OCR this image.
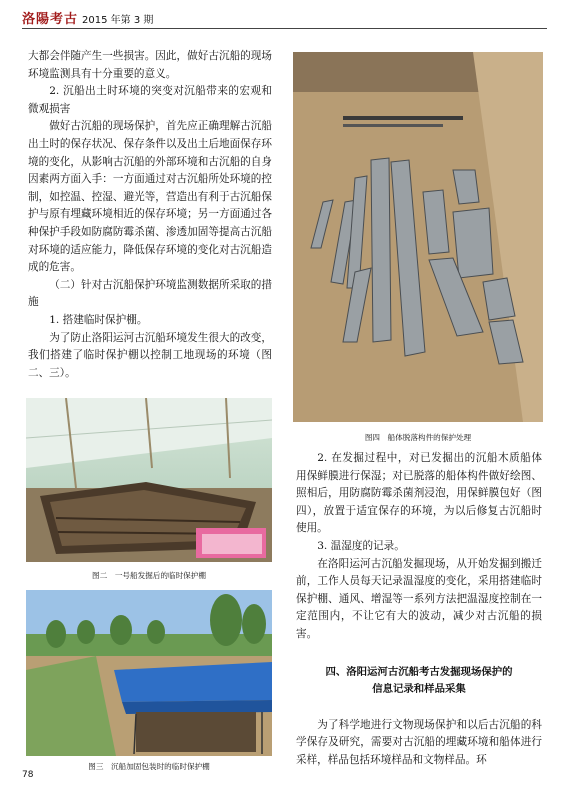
洛陽考古 2015 年第 3 期

大都会伴随产生一些损害。因此，做好古沉船的现场环境监测具有十分重要的意义。

2. 沉船出土时环境的突变对沉船带来的宏观和微观损害

做好古沉船的现场保护，首先应正确理解古沉船出土时的保存状况、保存条件以及出土后地面保存环境的变化，从影响古沉船的外部环境和古沉船的自身因素两方面入手：一方面通过对古沉船所处环境的控制，如控温、控湿、避光等，营造出有利于古沉船保护与原有埋藏环境相近的保存环境；另一方面通过各种保护手段如防腐防霉杀菌、渗透加固等提高古沉船对环境的适应能力，降低保存环境的变化对古沉船造成的危害。

（二）针对古沉船保护环境监测数据所采取的措施

1. 搭建临时保护棚。

为了防止洛阳运河古沉船环境发生很大的改变，我们搭建了临时保护棚以控制工地现场的环境（图二、三）。

图二　一号船发掘后的临时保护棚
图三　沉船加固包装时的临时保护棚
图四　船体脱落构件的保护处理

2. 在发掘过程中，对已发掘出的沉船木质船体用保鲜膜进行保湿；对已脱落的船体构件做好绘图、照相后，用防腐防霉杀菌剂浸泡，用保鲜膜包好（图四），放置于适宜保存的环境，为以后修复古沉船时使用。

3. 温湿度的记录。

在洛阳运河古沉船发掘现场，从开始发掘到搬迁前，工作人员每天记录温湿度的变化，采用搭建临时保护棚、通风、增湿等一系列方法把温湿度控制在一定范围内，不让它有大的波动，减少对古沉船的损害。

四、洛阳运河古沉船考古发掘现场保护的

信息记录和样品采集

为了科学地进行文物现场保护和以后古沉船的科学保存及研究，需要对古沉船的埋藏环境和船体进行采样，样品包括环境样品和文物样品。环

78
